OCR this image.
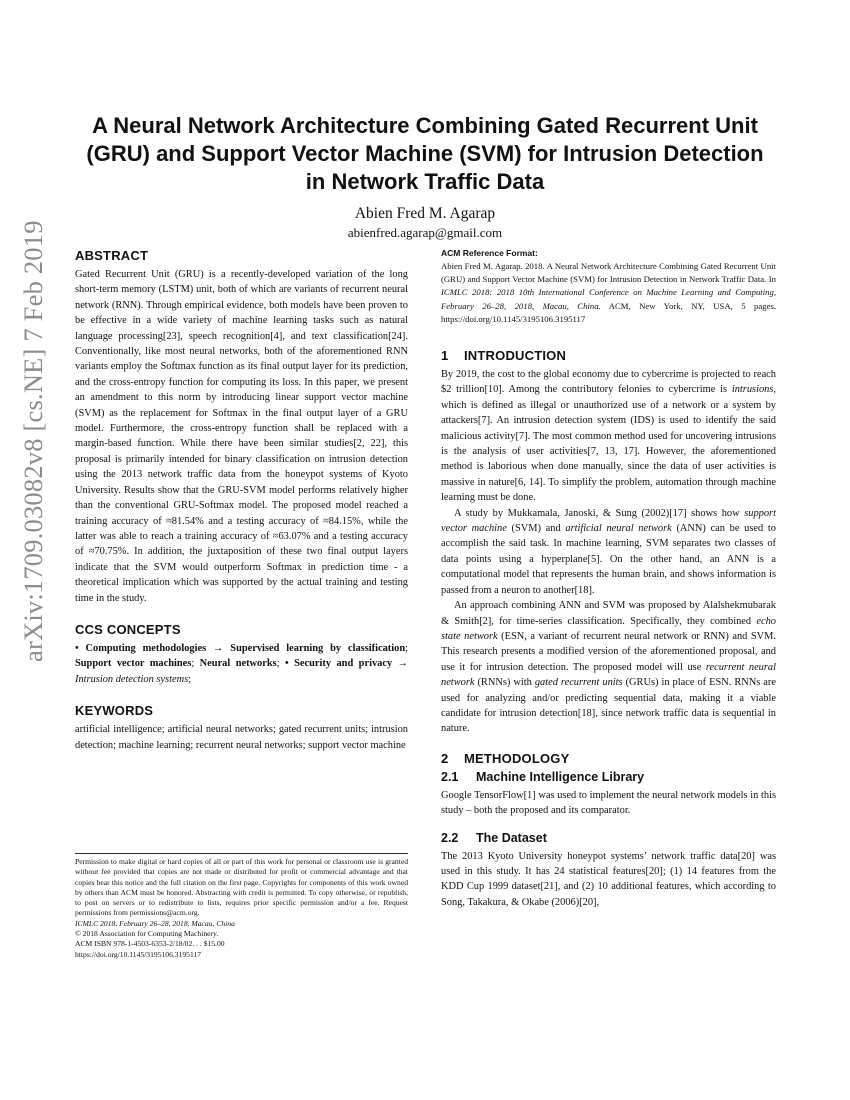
arXiv:1709.03082v8 [cs.NE] 7 Feb 2019
A Neural Network Architecture Combining Gated Recurrent Unit (GRU) and Support Vector Machine (SVM) for Intrusion Detection in Network Traffic Data
Abien Fred M. Agarap
abienfred.agarap@gmail.com
ABSTRACT

Gated Recurrent Unit (GRU) is a recently-developed variation of the long short-term memory (LSTM) unit, both of which are variants of recurrent neural network (RNN). Through empirical evidence, both models have been proven to be effective in a wide variety of machine learning tasks such as natural language processing[23], speech recognition[4], and text classification[24]. Conventionally, like most neural networks, both of the aforementioned RNN variants employ the Softmax function as its final output layer for its prediction, and the cross-entropy function for computing its loss. In this paper, we present an amendment to this norm by introducing linear support vector machine (SVM) as the replacement for Softmax in the final output layer of a GRU model. Furthermore, the cross-entropy function shall be replaced with a margin-based function. While there have been similar studies[2, 22], this proposal is primarily intended for binary classification on intrusion detection using the 2013 network traffic data from the honeypot systems of Kyoto University. Results show that the GRU-SVM model performs relatively higher than the conventional GRU-Softmax model. The proposed model reached a training accuracy of ≈81.54% and a testing accuracy of ≈84.15%, while the latter was able to reach a training accuracy of ≈63.07% and a testing accuracy of ≈70.75%. In addition, the juxtaposition of these two final output layers indicate that the SVM would outperform Softmax in prediction time - a theoretical implication which was supported by the actual training and testing time in the study.

CCS CONCEPTS

• Computing methodologies → Supervised learning by classification; Support vector machines; Neural networks; • Security and privacy → Intrusion detection systems;

KEYWORDS

artificial intelligence; artificial neural networks; gated recurrent units; intrusion detection; machine learning; recurrent neural networks; support vector machine

Permission to make digital or hard copies of all or part of this work for personal or classroom use is granted without fee provided that copies are not made or distributed for profit or commercial advantage and that copies bear this notice and the full citation on the first page. Copyrights for components of this work owned by others than ACM must be honored. Abstracting with credit is permitted. To copy otherwise, or republish, to post on servers or to redistribute to lists, requires prior specific permission and/or a fee. Request permissions from permissions@acm.org.

ICMLC 2018, February 26–28, 2018, Macau, China

© 2018 Association for Computing Machinery.

ACM ISBN 978-1-4503-6353-2/18/02. . . $15.00

https://doi.org/10.1145/3195106.3195117

ACM Reference Format:

Abien Fred M. Agarap. 2018. A Neural Network Architecture Combining Gated Recurrent Unit (GRU) and Support Vector Machine (SVM) for Intrusion Detection in Network Traffic Data. In ICMLC 2018: 2018 10th International Conference on Machine Learning and Computing, February 26–28, 2018, Macau, China. ACM, New York, NY, USA, 5 pages. https://doi.org/10.1145/3195106.3195117

1 INTRODUCTION

By 2019, the cost to the global economy due to cybercrime is projected to reach $2 trillion[10]. Among the contributory felonies to cybercrime is intrusions, which is defined as illegal or unauthorized use of a network or a system by attackers[7]. An intrusion detection system (IDS) is used to identify the said malicious activity[7]. The most common method used for uncovering intrusions is the analysis of user activities[7, 13, 17]. However, the aforementioned method is laborious when done manually, since the data of user activities is massive in nature[6, 14]. To simplify the problem, automation through machine learning must be done.

A study by Mukkamala, Janoski, & Sung (2002)[17] shows how support vector machine (SVM) and artificial neural network (ANN) can be used to accomplish the said task. In machine learning, SVM separates two classes of data points using a hyperplane[5]. On the other hand, an ANN is a computational model that represents the human brain, and shows information is passed from a neuron to another[18].

An approach combining ANN and SVM was proposed by Alalshekmubarak & Smith[2], for time-series classification. Specifically, they combined echo state network (ESN, a variant of recurrent neural network or RNN) and SVM. This research presents a modified version of the aforementioned proposal, and use it for intrusion detection. The proposed model will use recurrent neural network (RNNs) with gated recurrent units (GRUs) in place of ESN. RNNs are used for analyzing and/or predicting sequential data, making it a viable candidate for intrusion detection[18], since network traffic data is sequential in nature.

2 METHODOLOGY
2.1 Machine Intelligence Library

Google TensorFlow[1] was used to implement the neural network models in this study – both the proposed and its comparator.

2.2 The Dataset

The 2013 Kyoto University honeypot systems’ network traffic data[20] was used in this study. It has 24 statistical features[20]; (1) 14 features from the KDD Cup 1999 dataset[21], and (2) 10 additional features, which according to Song, Takakura, & Okabe (2006)[20],
